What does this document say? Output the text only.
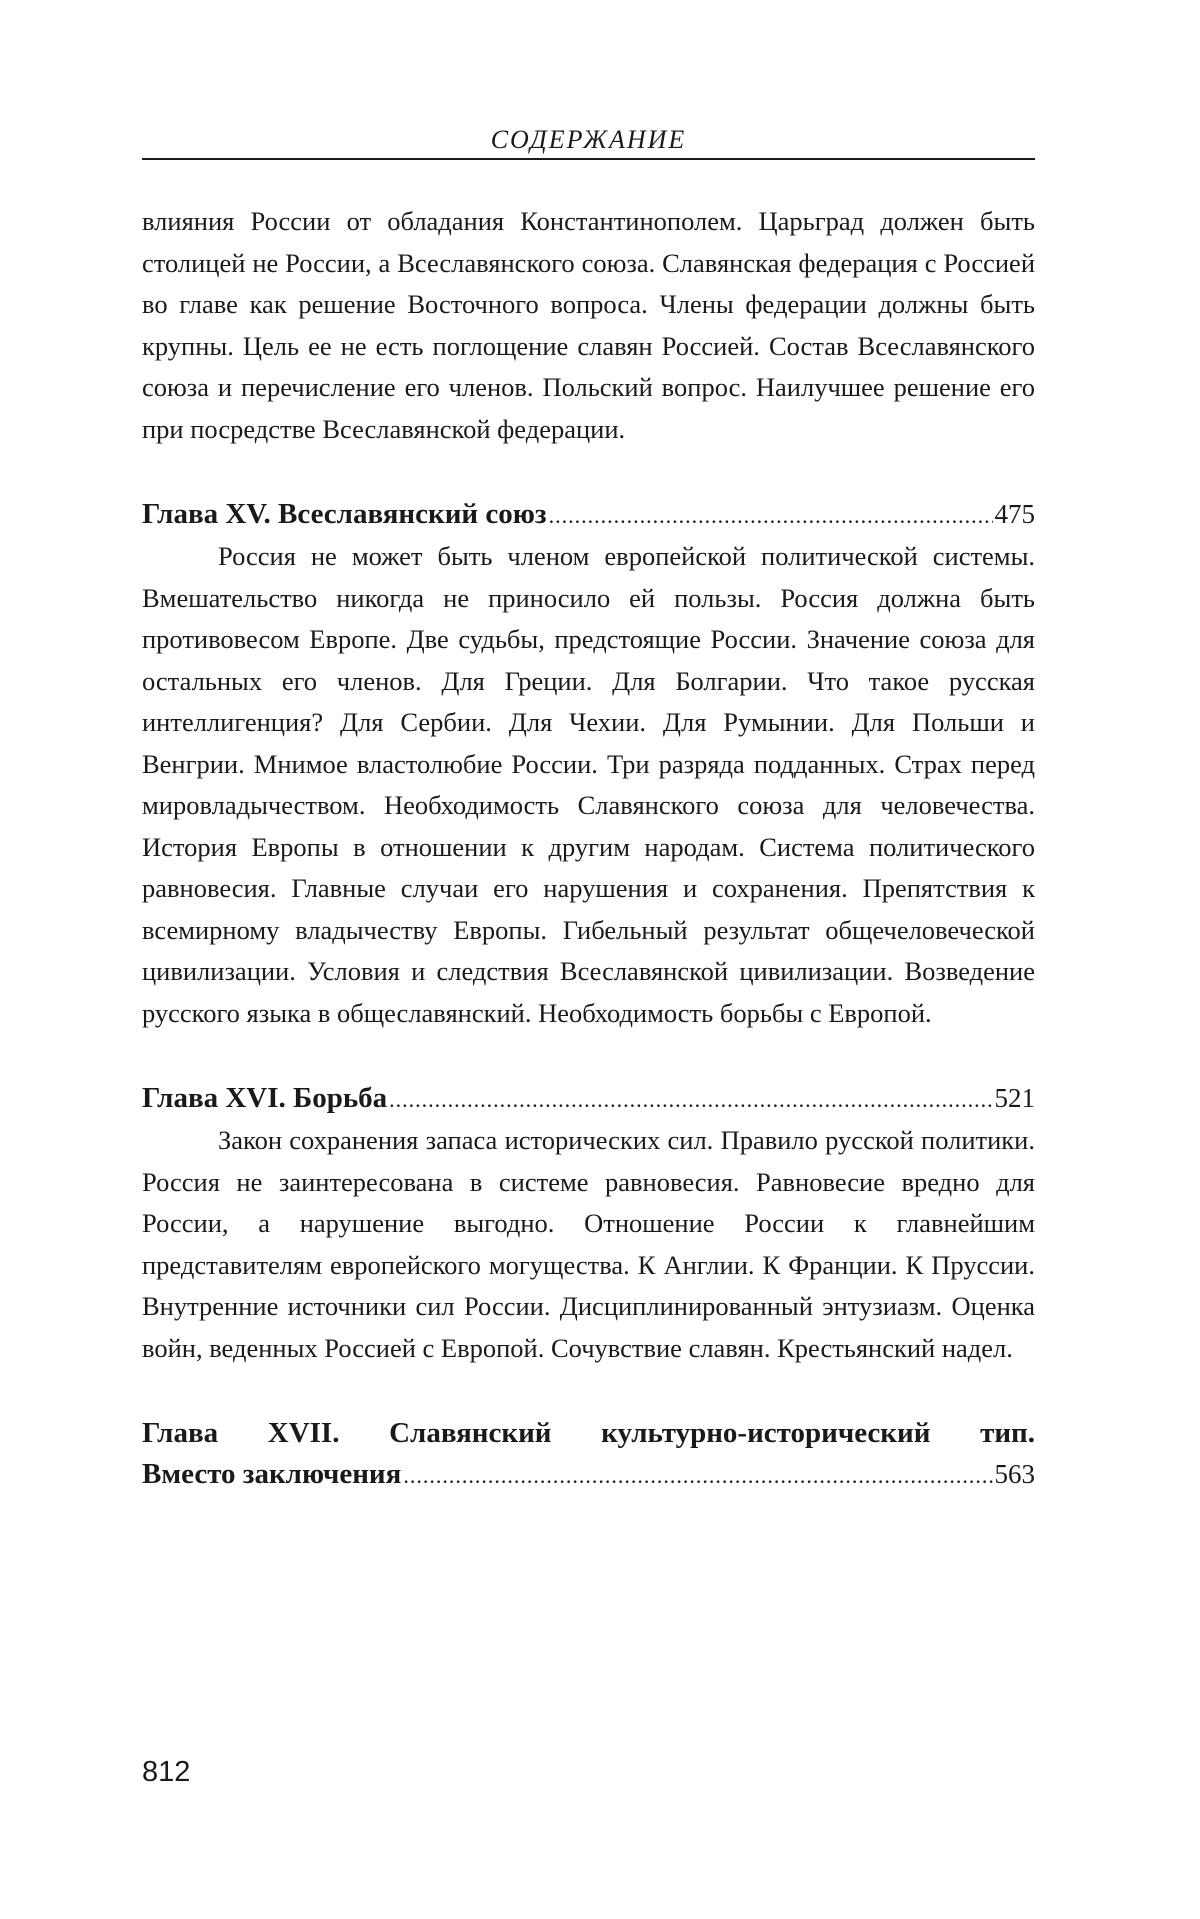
СОДЕРЖАНИЕ

влияния России от обладания Константинополем. Царьград должен быть столицей не России, а Всеславянского союза. Славянская федерация с Россией во главе как решение Восточного вопроса. Члены федерации должны быть крупны. Цель ее не есть поглощение славян Россией. Состав Всеславянского союза и перечисление его членов. Польский вопрос. Наилучшее решение его при посредстве Всеславянской федерации.

Глава XV. Всеславянский союз .....	475

Россия не может быть членом европейской политической системы. Вмешательство никогда не приносило ей пользы. Россия должна быть противовесом Европе. Две судьбы, предстоящие России. Значение союза для остальных его членов. Для Греции. Для Болгарии. Что такое русская интеллигенция? Для Сербии. Для Чехии. Для Румынии. Для Польши и Венгрии. Мнимое властолюбие России. Три разряда подданных. Страх перед мировладычеством. Необходимость Славянского союза для человечества. История Европы в отношении к другим народам. Система политического равновесия. Главные случаи его нарушения и сохранения. Препятствия к всемирному владычеству Европы. Гибельный результат общечеловеческой цивилизации. Условия и следствия Всеславянской цивилизации. Возведение русского языка в общеславянский. Необходимость борьбы с Европой.

Глава XVI. Борьба .....	521

Закон сохранения запаса исторических сил. Правило русской политики. Россия не заинтересована в системе равновесия. Равновесие вредно для России, а нарушение выгодно. Отношение России к главнейшим представителям европейского могущества. К Англии. К Франции. К Пруссии. Внутренние источники сил России. Дисциплинированный энтузиазм. Оценка войн, веденных Россией с Европой. Сочувствие славян. Крестьянский надел.

Глава XVII. Славянский культурно-исторический тип.

Вместо заключения .....	563
812
